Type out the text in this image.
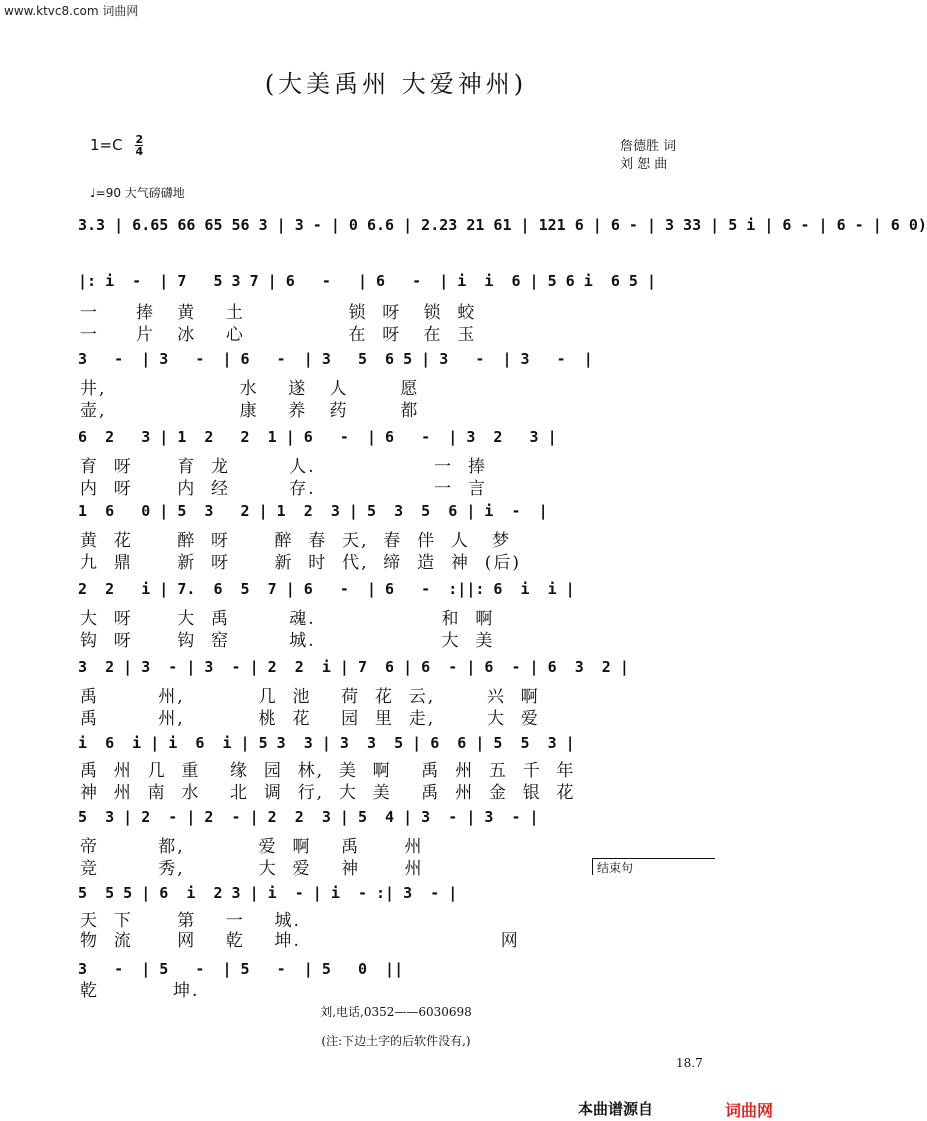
www.ktvc8.com 词曲网
(大美禹州 大爱神州)
$1=C \frac{2}{4}$	詹德胜 词
刘 恕 曲
♩=90 大气磅礴地
3.3 | 6.65 66 65 56 3 | 3 - | 0 6.6 | 2.23 21 61 | 121 6 | 6 - | 3 33 | 5 i | 6 - | 6 - | 6 0)
|: i  -  | 7   5 3 7 | 6   -   | 6   -  | i  i  6 | 5 6 i  6 5 |
一     捧   黄    土              锁  呀   锁  蛟
一     片   冰    心              在  呀   在  玉
3   -  | 3   -  | 6   -  | 3   5  6 5 | 3   -  | 3   -  |
井,                  水    遂   人       愿
壶,                  康    养   药       都
6  2   3 | 1  2   2  1 | 6   -  | 6   -  | 3  2   3 |
育  呀      育  龙        人.                一  捧
内  呀      内  经        存.                一  言
1  6   0 | 5  3   2 | 1  2  3 | 5  3  5  6 | i  -  |
黄  花      醉  呀      醉  春  天,  春  伴  人   梦
九  鼎      新  呀      新  时  代,  缔  造  神  (后)
2  2   i | 7.  6  5  7 | 6   -  | 6   -  :||: 6  i  i |
大  呀      大  禹        魂.                 和  啊
钩  呀      钩  窑        城.                 大  美
3  2 | 3  - | 3  - | 2  2  i | 7  6 | 6  - | 6  - | 6  3  2 |
禹        州,          几  池    荷  花  云,       兴  啊
禹        州,          桃  花    园  里  走,       大  爱
i  6  i | i  6  i | 5 3  3 | 3  3  5 | 6  6 | 5  5  3 |
禹  州  几  重    缘  园  林,  美  啊    禹  州  五  千  年
神  州  南  水    北  调  行,  大  美    禹  州  金  银  花
5  3 | 2  - | 2  - | 2  2  3 | 5  4 | 3  - | 3  - |
帝        都,          爱  啊    禹      州
竞        秀,          大  爱    神      州	结束句
5  5 5 | 6  i  2 3 | i  - | i  - :| 3  - |
天  下      第    一    城.
物  流      网    乾    坤.                           网
3   -  | 5   -  | 5   -  | 5   0  ||
乾          坤.
刘,电话,0352——6030698
(注:下边土字的后软件没有,)
18.7
本曲谱源自	词曲网
